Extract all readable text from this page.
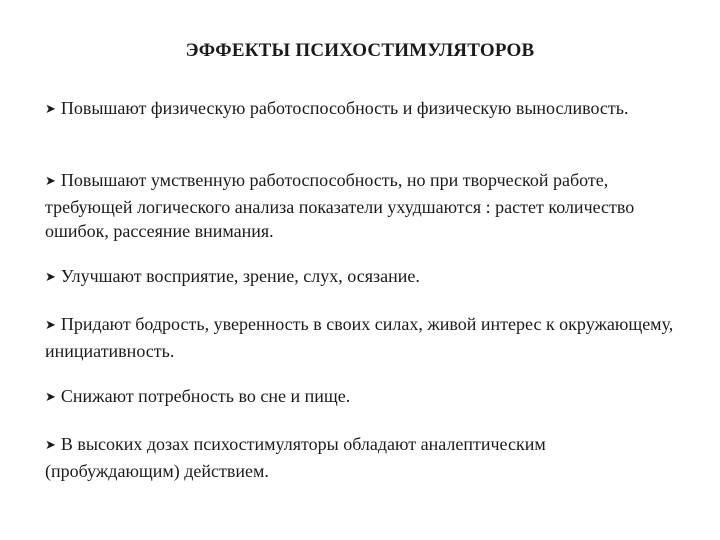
ЭФФЕКТЫ ПСИХОСТИМУЛЯТОРОВ
➤ Повышают физическую работоспособность и физическую выносливость.
➤ Повышают умственную работоспособность, но при творческой работе, требующей логического анализа показатели ухудшаются : растет количество ошибок, рассеяние внимания.
➤ Улучшают восприятие, зрение, слух, осязание.
➤ Придают бодрость, уверенность в своих силах, живой интерес к окружающему, инициативность.
➤ Снижают потребность во сне и пище.
➤ В высоких дозах психостимуляторы обладают аналептическим (пробуждающим) действием.
